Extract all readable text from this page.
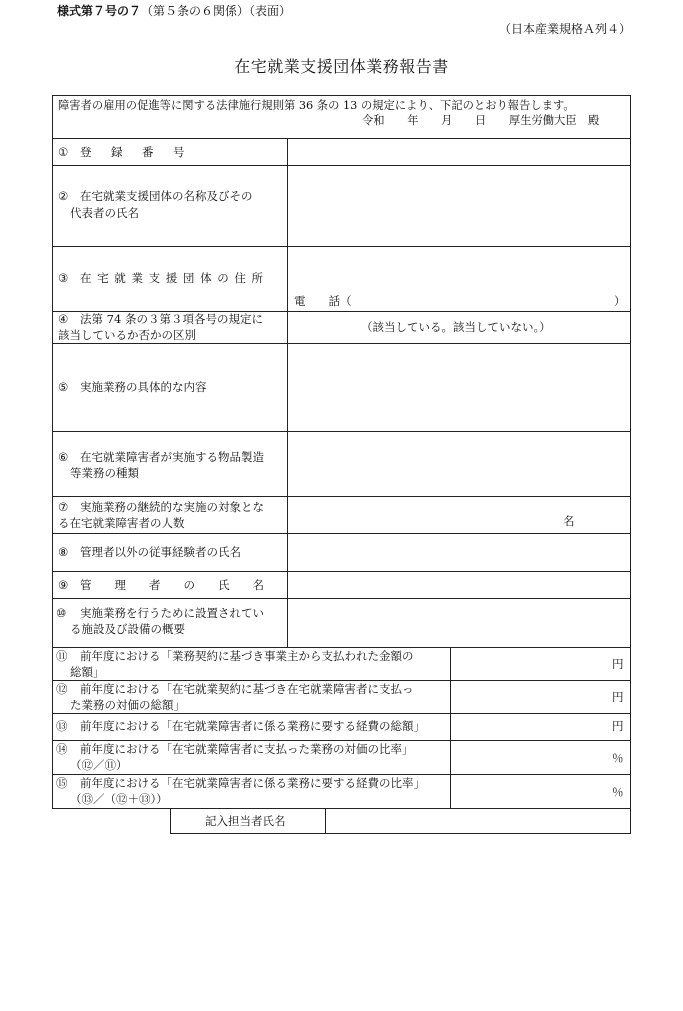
様式第７号の７（第５条の６関係）（表面）
（日本産業規格Ａ列４）
在宅就業支援団体業務報告書
障害者の雇用の促進等に関する法律施行規則第 36 条の 13 の規定により、下記のとおり報告します。
令和　　年　　月　　日　　厚生労働大臣　殿
① 登　録　番　号
② 在宅就業支援団体の名称及びその
代表者の氏名
③ 在 宅 就 業 支 援 団 体 の 住 所
電　　話（	）
④ 法第 74 条の３第３項各号の規定に
該当しているか否かの区別
（該当している。該当していない。）
⑤ 実施業務の具体的な内容
⑥ 在宅就業障害者が実施する物品製造
等業務の種類
⑦ 実施業務の継続的な実施の対象とな
る在宅就業障害者の人数	名
⑧ 管理者以外の従事経験者の氏名
⑨ 管　　理　　者　　の　　氏　　名
⑩ 実施業務を行うために設置されてい
る施設及び設備の概要
⑪ 前年度における「業務契約に基づき事業主から支払われた金額の
総額」
円
⑫ 前年度における「在宅就業契約に基づき在宅就業障害者に支払っ
た業務の対価の総額」
円
⑬ 前年度における「在宅就業障害者に係る業務に要する経費の総額」	円
⑭ 前年度における「在宅就業障害者に支払った業務の対価の比率」
（⑫／⑪）	％
⑮ 前年度における「在宅就業障害者に係る業務に要する経費の比率」
（⑬／（⑫＋⑬））	％
記入担当者氏名
